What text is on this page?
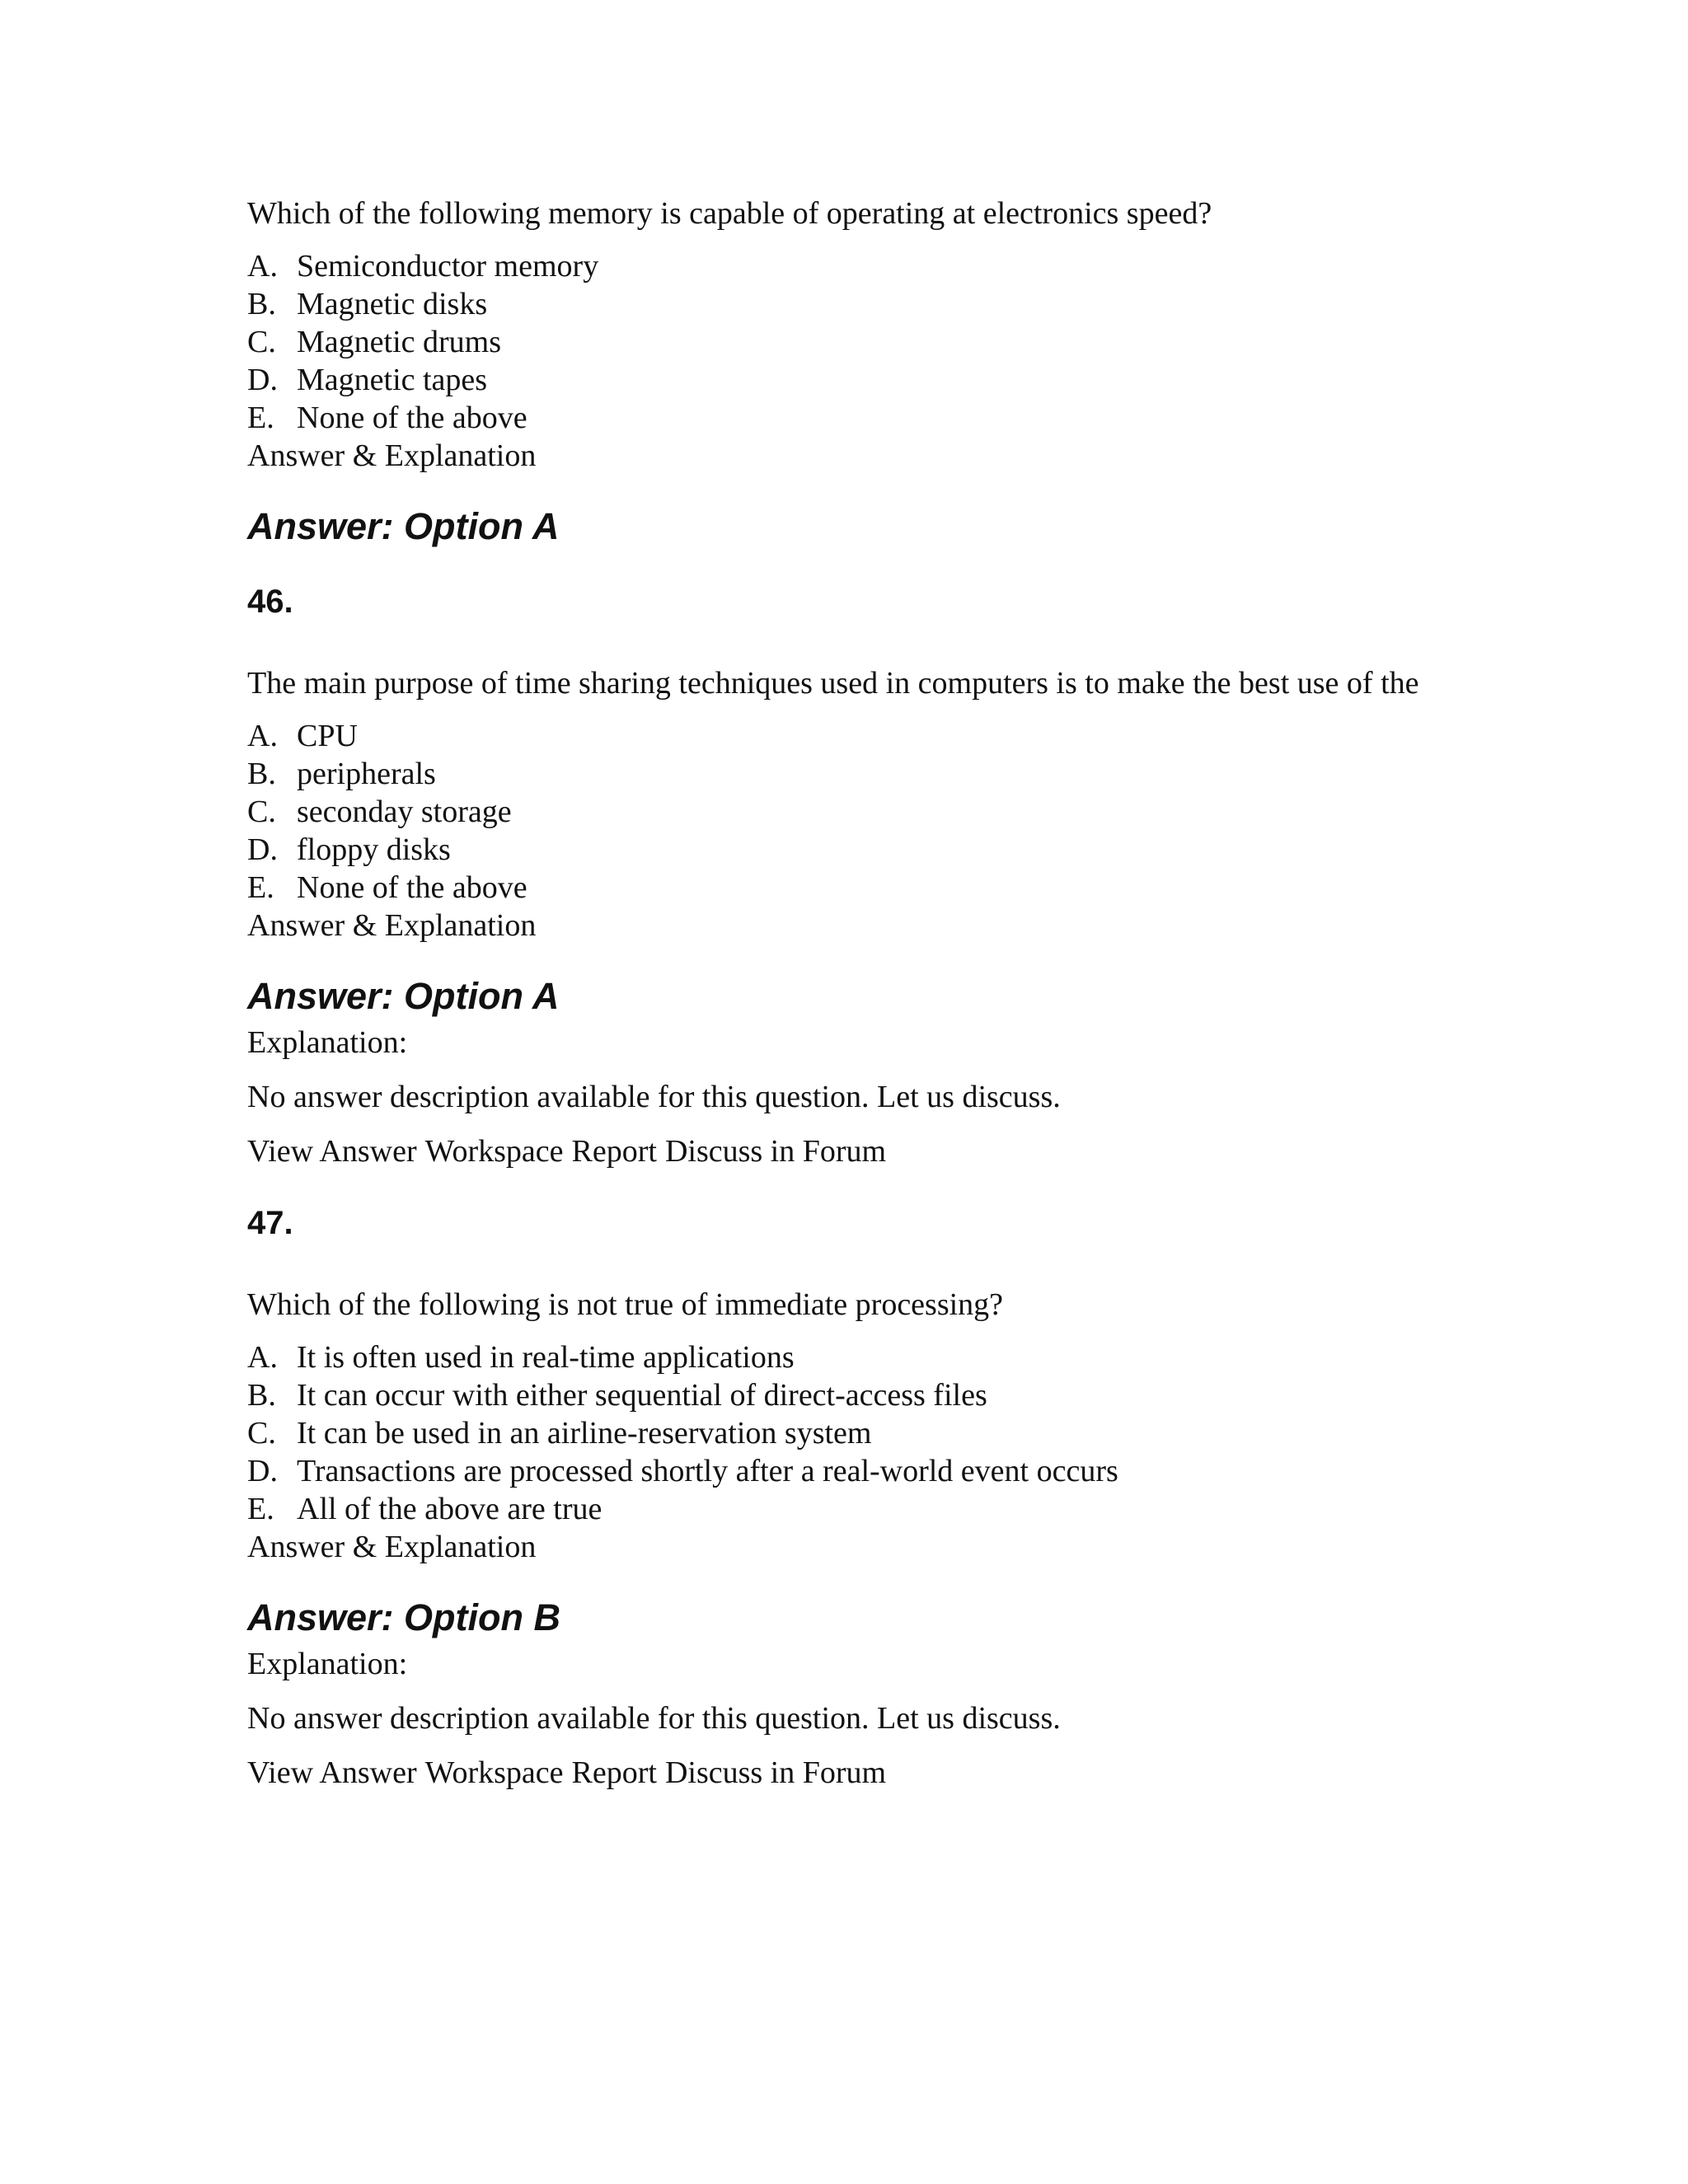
Which of the following memory is capable of operating at electronics speed?

A. Semiconductor memory
B. Magnetic disks
C. Magnetic drums
D. Magnetic tapes
E. None of the above

Answer & Explanation

Answer: Option A
46.

The main purpose of time sharing techniques used in computers is to make the best use of the

A. CPU
B. peripherals
C. seconday storage
D. floppy disks
E. None of the above

Answer & Explanation

Answer: Option A

Explanation:

No answer description available for this question. Let us discuss.

View Answer Workspace Report Discuss in Forum

47.

Which of the following is not true of immediate processing?

A. It is often used in real-time applications
B. It can occur with either sequential of direct-access files
C. It can be used in an airline-reservation system
D. Transactions are processed shortly after a real-world event occurs
E. All of the above are true

Answer & Explanation

Answer: Option B

Explanation:

No answer description available for this question. Let us discuss.

View Answer Workspace Report Discuss in Forum
